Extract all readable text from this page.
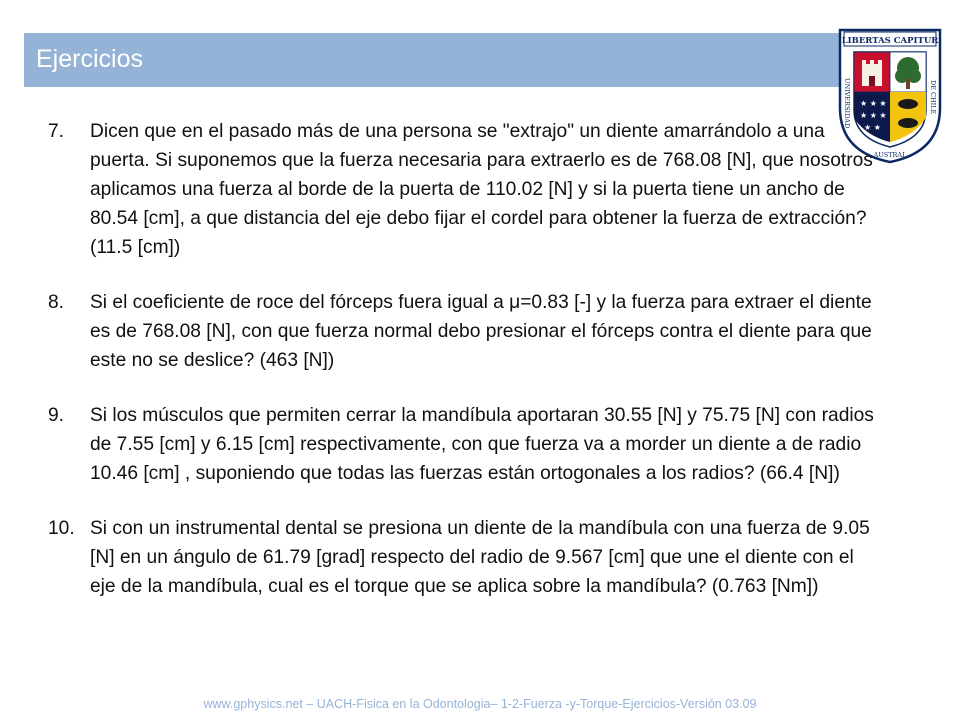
Ejercicios
★ ★ ★
★ ★ ★
★ ★
LIBERTAS CAPITUR
UNIVERSIDAD	DE CHILE
AUSTRAL
7.	Dicen que en el pasado más de una persona se "extrajo" un diente amarrándolo a una puerta. Si suponemos que la fuerza necesaria para extraerlo es de 768.08 [N], que nosotros aplicamos una fuerza al borde de la puerta de 110.02 [N] y si la puerta tiene un ancho de 80.54 [cm], a que distancia del eje debo fijar el cordel para obtener la fuerza de extracción? (11.5 [cm])
8.	Si el coeficiente de roce del fórceps fuera igual a μ=0.83 [-] y la fuerza para extraer el diente es de 768.08 [N], con que fuerza normal debo presionar el fórceps contra el diente para que este no se deslice? (463 [N])
9.	Si los músculos que permiten cerrar la mandíbula aportaran 30.55 [N] y 75.75 [N] con radios de 7.55 [cm] y 6.15 [cm] respectivamente, con que fuerza va a morder un diente a de radio 10.46 [cm] , suponiendo que todas las fuerzas están ortogonales a los radios? (66.4 [N])
10. Si con un instrumental dental se presiona un diente de la mandíbula con una fuerza de 9.05 [N] en un ángulo de 61.79 [grad] respecto del radio de 9.567 [cm] que une el diente con el eje de la mandíbula, cual es el torque que se aplica sobre la mandíbula? (0.763 [Nm])
www.gphysics.net – UACH-Fisica en la Odontologia– 1-2-Fuerza -y-Torque-Ejercicios-Versión 03.09
